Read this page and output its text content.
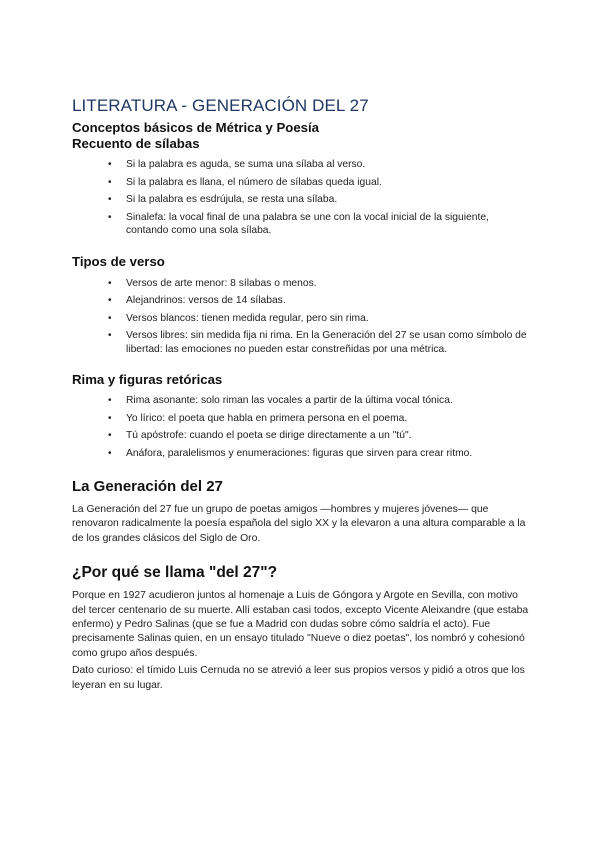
LITERATURA - GENERACIÓN DEL 27
Conceptos básicos de Métrica y Poesía
Recuento de sílabas
• Si la palabra es aguda, se suma una sílaba al verso.
• Si la palabra es llana, el número de sílabas queda igual.
• Si la palabra es esdrújula, se resta una sílaba.
• Sinalefa: la vocal final de una palabra se une con la vocal inicial de la siguiente, contando como una sola sílaba.
Tipos de verso
• Versos de arte menor: 8 sílabas o menos.
• Alejandrinos: versos de 14 sílabas.
• Versos blancos: tienen medida regular, pero sin rima.
• Versos libres: sin medida fija ni rima. En la Generación del 27 se usan como símbolo de libertad: las emociones no pueden estar constreñidas por una métrica.
Rima y figuras retóricas
• Rima asonante: solo riman las vocales a partir de la última vocal tónica.
• Yo lírico: el poeta que habla en primera persona en el poema.
• Tú apóstrofe: cuando el poeta se dirige directamente a un "tú".
• Anáfora, paralelismos y enumeraciones: figuras que sirven para crear ritmo.
La Generación del 27

La Generación del 27 fue un grupo de poetas amigos —hombres y mujeres jóvenes— que renovaron radicalmente la poesía española del siglo XX y la elevaron a una altura comparable a la de los grandes clásicos del Siglo de Oro.

¿Por qué se llama "del 27"?

Porque en 1927 acudieron juntos al homenaje a Luis de Góngora y Argote en Sevilla, con motivo del tercer centenario de su muerte. Allí estaban casi todos, excepto Vicente Aleixandre (que estaba enfermo) y Pedro Salinas (que se fue a Madrid con dudas sobre cómo saldría el acto). Fue precisamente Salinas quien, en un ensayo titulado "Nueve o diez poetas", los nombró y cohesionó como grupo años después.

Dato curioso: el tímido Luis Cernuda no se atrevió a leer sus propios versos y pidió a otros que los leyeran en su lugar.
